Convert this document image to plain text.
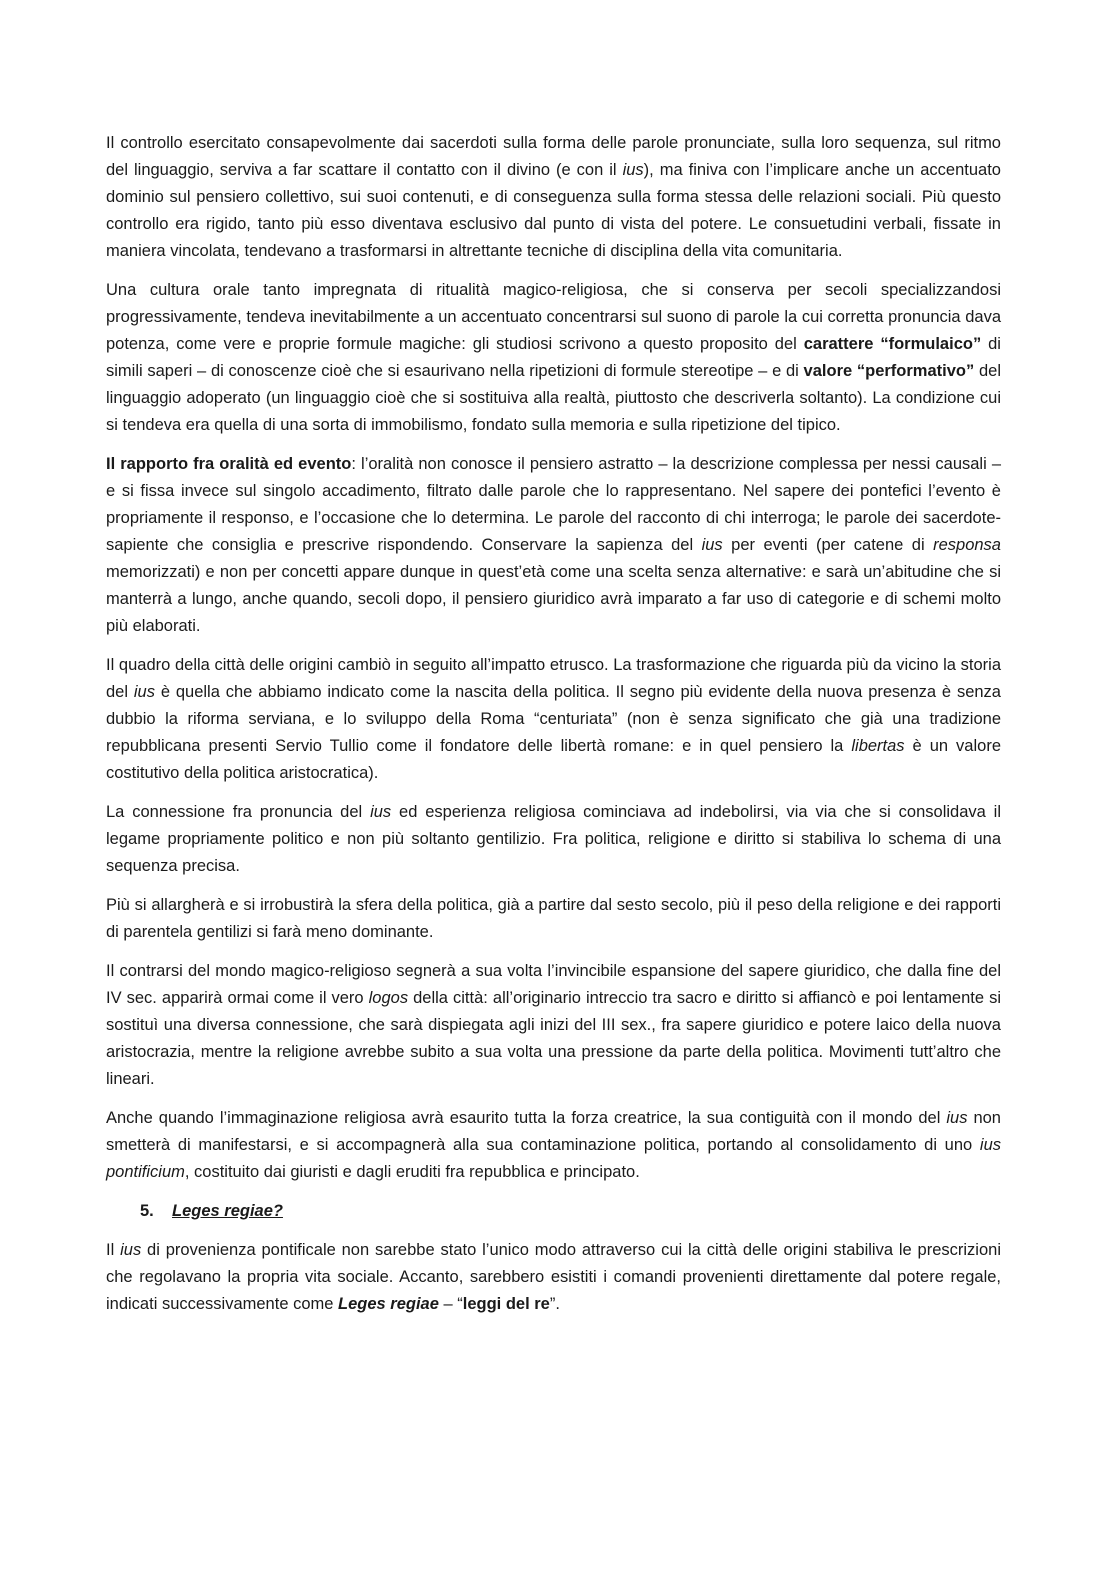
Il controllo esercitato consapevolmente dai sacerdoti sulla forma delle parole pronunciate, sulla loro sequenza, sul ritmo del linguaggio, serviva a far scattare il contatto con il divino (e con il ius), ma finiva con l’implicare anche un accentuato dominio sul pensiero collettivo, sui suoi contenuti, e di conseguenza sulla forma stessa delle relazioni sociali. Più questo controllo era rigido, tanto più esso diventava esclusivo dal punto di vista del potere. Le consuetudini verbali, fissate in maniera vincolata, tendevano a trasformarsi in altrettante tecniche di disciplina della vita comunitaria.

Una cultura orale tanto impregnata di ritualità magico-religiosa, che si conserva per secoli specializzandosi progressivamente, tendeva inevitabilmente a un accentuato concentrarsi sul suono di parole la cui corretta pronuncia dava potenza, come vere e proprie formule magiche: gli studiosi scrivono a questo proposito del carattere “formulaico” di simili saperi – di conoscenze cioè che si esaurivano nella ripetizioni di formule stereotipe – e di valore “performativo” del linguaggio adoperato (un linguaggio cioè che si sostituiva alla realtà, piuttosto che descriverla soltanto). La condizione cui si tendeva era quella di una sorta di immobilismo, fondato sulla memoria e sulla ripetizione del tipico.

Il rapporto fra oralità ed evento: l’oralità non conosce il pensiero astratto – la descrizione complessa per nessi causali – e si fissa invece sul singolo accadimento, filtrato dalle parole che lo rappresentano. Nel sapere dei pontefici l’evento è propriamente il responso, e l’occasione che lo determina. Le parole del racconto di chi interroga; le parole dei sacerdote-sapiente che consiglia e prescrive rispondendo. Conservare la sapienza del ius per eventi (per catene di responsa memorizzati) e non per concetti appare dunque in quest’età come una scelta senza alternative: e sarà un’abitudine che si manterrà a lungo, anche quando, secoli dopo, il pensiero giuridico avrà imparato a far uso di categorie e di schemi molto più elaborati.

Il quadro della città delle origini cambiò in seguito all’impatto etrusco. La trasformazione che riguarda più da vicino la storia del ius è quella che abbiamo indicato come la nascita della politica. Il segno più evidente della nuova presenza è senza dubbio la riforma serviana, e lo sviluppo della Roma “centuriata” (non è senza significato che già una tradizione repubblicana presenti Servio Tullio come il fondatore delle libertà romane: e in quel pensiero la libertas è un valore costitutivo della politica aristocratica).

La connessione fra pronuncia del ius ed esperienza religiosa cominciava ad indebolirsi, via via che si consolidava il legame propriamente politico e non più soltanto gentilizio. Fra politica, religione e diritto si stabiliva lo schema di una sequenza precisa.

Più si allargherà e si irrobustirà la sfera della politica, già a partire dal sesto secolo, più il peso della religione e dei rapporti di parentela gentilizi si farà meno dominante.

Il contrarsi del mondo magico-religioso segnerà a sua volta l’invincibile espansione del sapere giuridico, che dalla fine del IV sec. apparirà ormai come il vero logos della città: all’originario intreccio tra sacro e diritto si affiancò e poi lentamente si sostituì una diversa connessione, che sarà dispiegata agli inizi del III sex., fra sapere giuridico e potere laico della nuova aristocrazia, mentre la religione avrebbe subito a sua volta una pressione da parte della politica. Movimenti tutt’altro che lineari.

Anche quando l’immaginazione religiosa avrà esaurito tutta la forza creatrice, la sua contiguità con il mondo del ius non smetterà di manifestarsi, e si accompagnerà alla sua contaminazione politica, portando al consolidamento di uno ius pontificium, costituito dai giuristi e dagli eruditi fra repubblica e principato.

5. Leges regiae?

Il ius di provenienza pontificale non sarebbe stato l’unico modo attraverso cui la città delle origini stabiliva le prescrizioni che regolavano la propria vita sociale. Accanto, sarebbero esistiti i comandi provenienti direttamente dal potere regale, indicati successivamente come Leges regiae – “leggi del re”.
